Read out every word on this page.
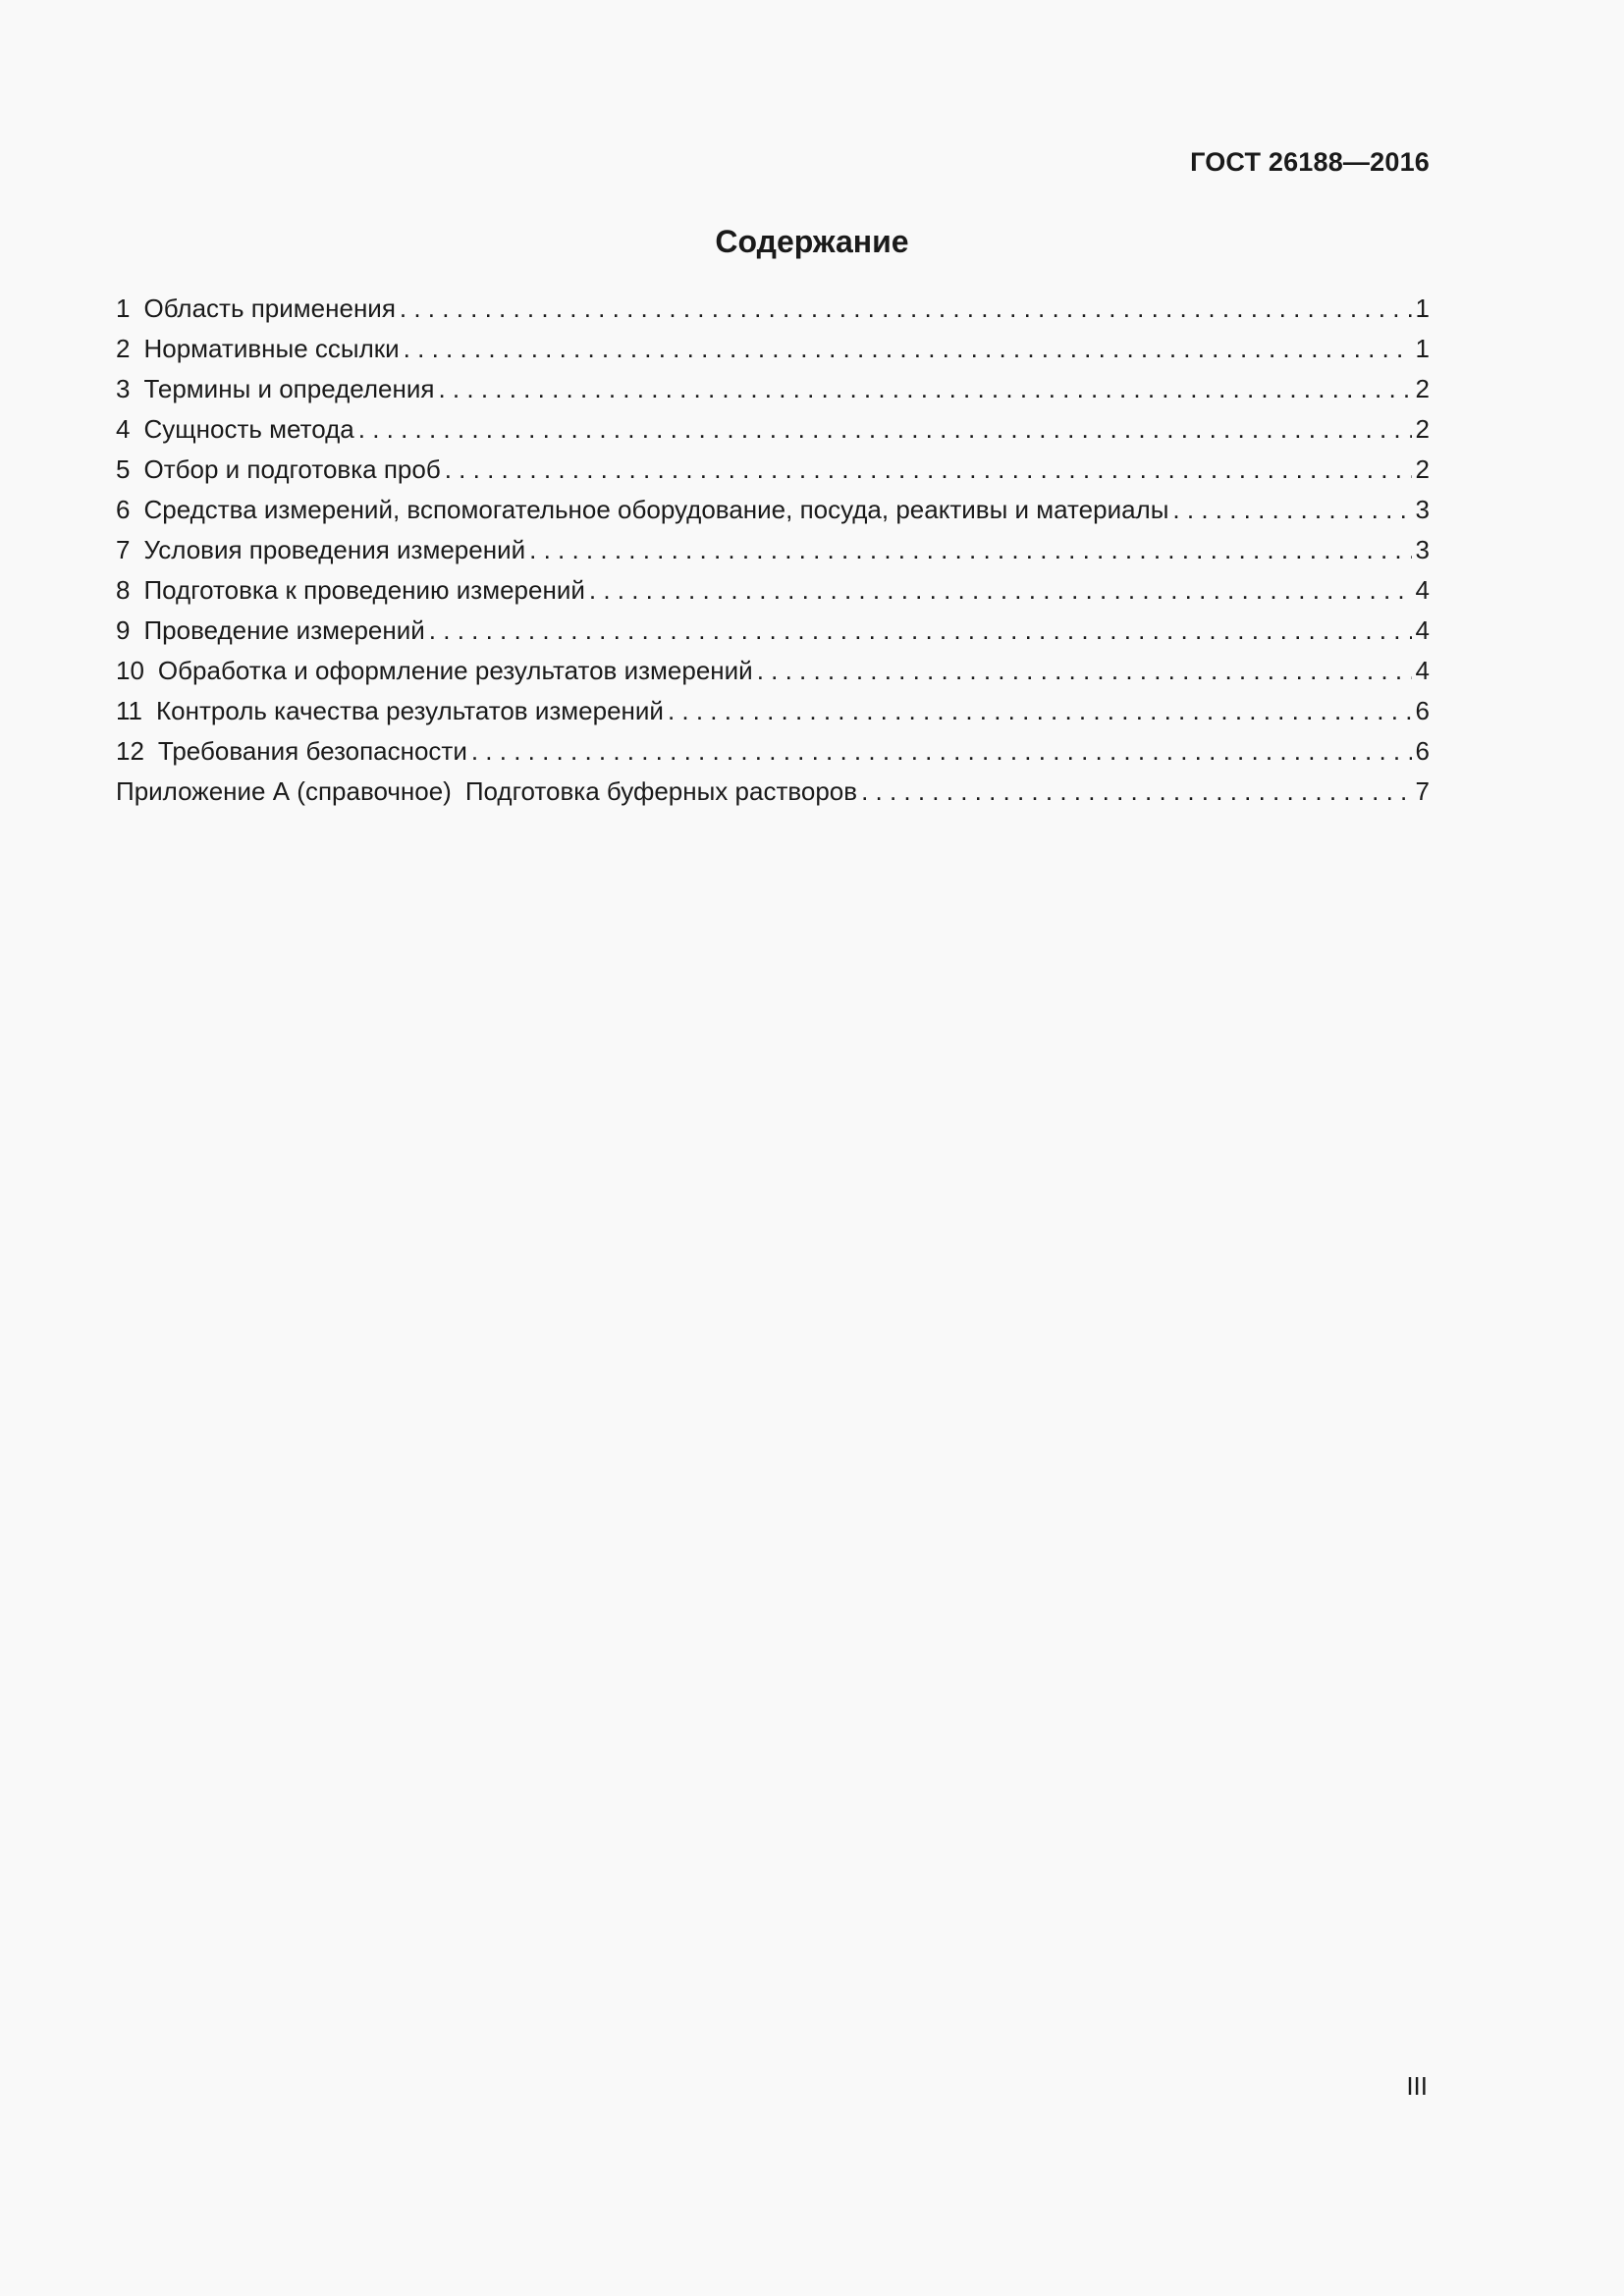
ГОСТ 26188—2016
Содержание
1 Область применения . . .	1
2 Нормативные ссылки . . .	1
3 Термины и определения . . .	2
4 Сущность метода . . .	2
5 Отбор и подготовка проб . . .	2
6 Средства измерений, вспомогательное оборудование, посуда, реактивы и материалы . . .	3
7 Условия проведения измерений . . .	3
8 Подготовка к проведению измерений . . .	4
9 Проведение измерений . . .	4
10 Обработка и оформление результатов измерений . . .	4
11 Контроль качества результатов измерений . . .	6
12 Требования безопасности . . .	6
Приложение А (справочное) Подготовка буферных растворов . . .	7
III
